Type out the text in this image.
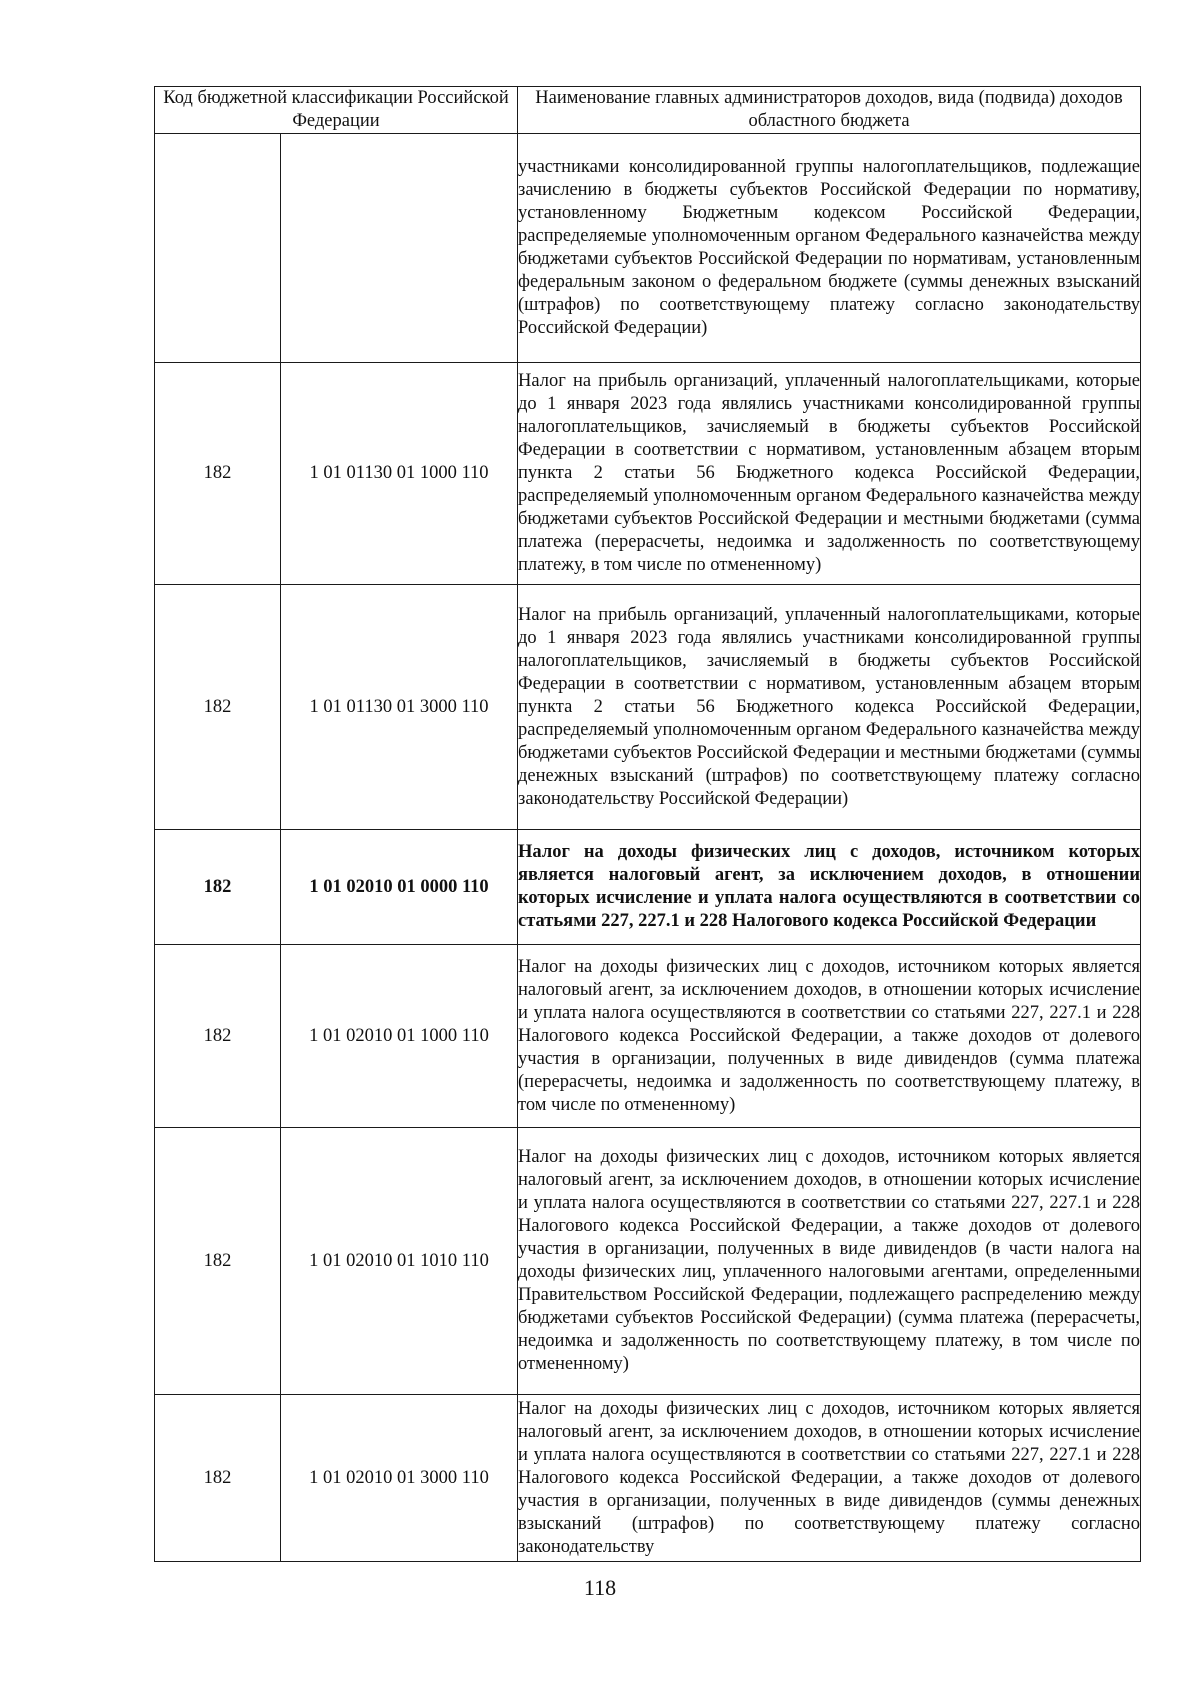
Код бюджетной классификации Российской Федерации		Наименование главных администраторов доходов, вида (подвида) доходов областного бюджета
		участниками консолидированной группы налогоплательщиков, подлежащие зачислению в бюджеты субъектов Российской Федерации по нормативу, установленному Бюджетным кодексом Российской Федерации, распределяемые уполномоченным органом Федерального казначейства между бюджетами субъектов Российской Федерации по нормативам, установленным федеральным законом о федеральном бюджете (суммы денежных взысканий (штрафов) по соответствующему платежу согласно законодательству Российской Федерации)
182	1 01 01130 01 1000 110	Налог на прибыль организаций, уплаченный налогоплательщиками, которые до 1 января 2023 года являлись участниками консолидированной группы налогоплательщиков, зачисляемый в бюджеты субъектов Российской Федерации в соответствии с нормативом, установленным абзацем вторым пункта 2 статьи 56 Бюджетного кодекса Российской Федерации, распределяемый уполномоченным органом Федерального казначейства между бюджетами субъектов Российской Федерации и местными бюджетами (сумма платежа (перерасчеты, недоимка и задолженность по соответствующему платежу, в том числе по отмененному)
182	1 01 01130 01 3000 110	Налог на прибыль организаций, уплаченный налогоплательщиками, которые до 1 января 2023 года являлись участниками консолидированной группы налогоплательщиков, зачисляемый в бюджеты субъектов Российской Федерации в соответствии с нормативом, установленным абзацем вторым пункта 2 статьи 56 Бюджетного кодекса Российской Федерации, распределяемый уполномоченным органом Федерального казначейства между бюджетами субъектов Российской Федерации и местными бюджетами (суммы денежных взысканий (штрафов) по соответствующему платежу согласно законодательству Российской Федерации)
182	1 01 02010 01 0000 110	Налог на доходы физических лиц с доходов, источником которых является налоговый агент, за исключением доходов, в отношении которых исчисление и уплата налога осуществляются в соответствии со статьями 227, 227.1 и 228 Налогового кодекса Российской Федерации
182	1 01 02010 01 1000 110	Налог на доходы физических лиц с доходов, источником которых является налоговый агент, за исключением доходов, в отношении которых исчисление и уплата налога осуществляются в соответствии со статьями 227, 227.1 и 228 Налогового кодекса Российской Федерации, а также доходов от долевого участия в организации, полученных в виде дивидендов (сумма платежа (перерасчеты, недоимка и задолженность по соответствующему платежу, в том числе по отмененному)
182	1 01 02010 01 1010 110	Налог на доходы физических лиц с доходов, источником которых является налоговый агент, за исключением доходов, в отношении которых исчисление и уплата налога осуществляются в соответствии со статьями 227, 227.1 и 228 Налогового кодекса Российской Федерации, а также доходов от долевого участия в организации, полученных в виде дивидендов (в части налога на доходы физических лиц, уплаченного налоговыми агентами, определенными Правительством Российской Федерации, подлежащего распределению между бюджетами субъектов Российской Федерации) (сумма платежа (перерасчеты, недоимка и задолженность по соответствующему платежу, в том числе по отмененному)
182	1 01 02010 01 3000 110	Налог на доходы физических лиц с доходов, источником которых является налоговый агент, за исключением доходов, в отношении которых исчисление и уплата налога осуществляются в соответствии со статьями 227, 227.1 и 228 Налогового кодекса Российской Федерации, а также доходов от долевого участия в организации, полученных в виде дивидендов (суммы денежных взысканий (штрафов) по соответствующему платежу согласно законодательству
118
